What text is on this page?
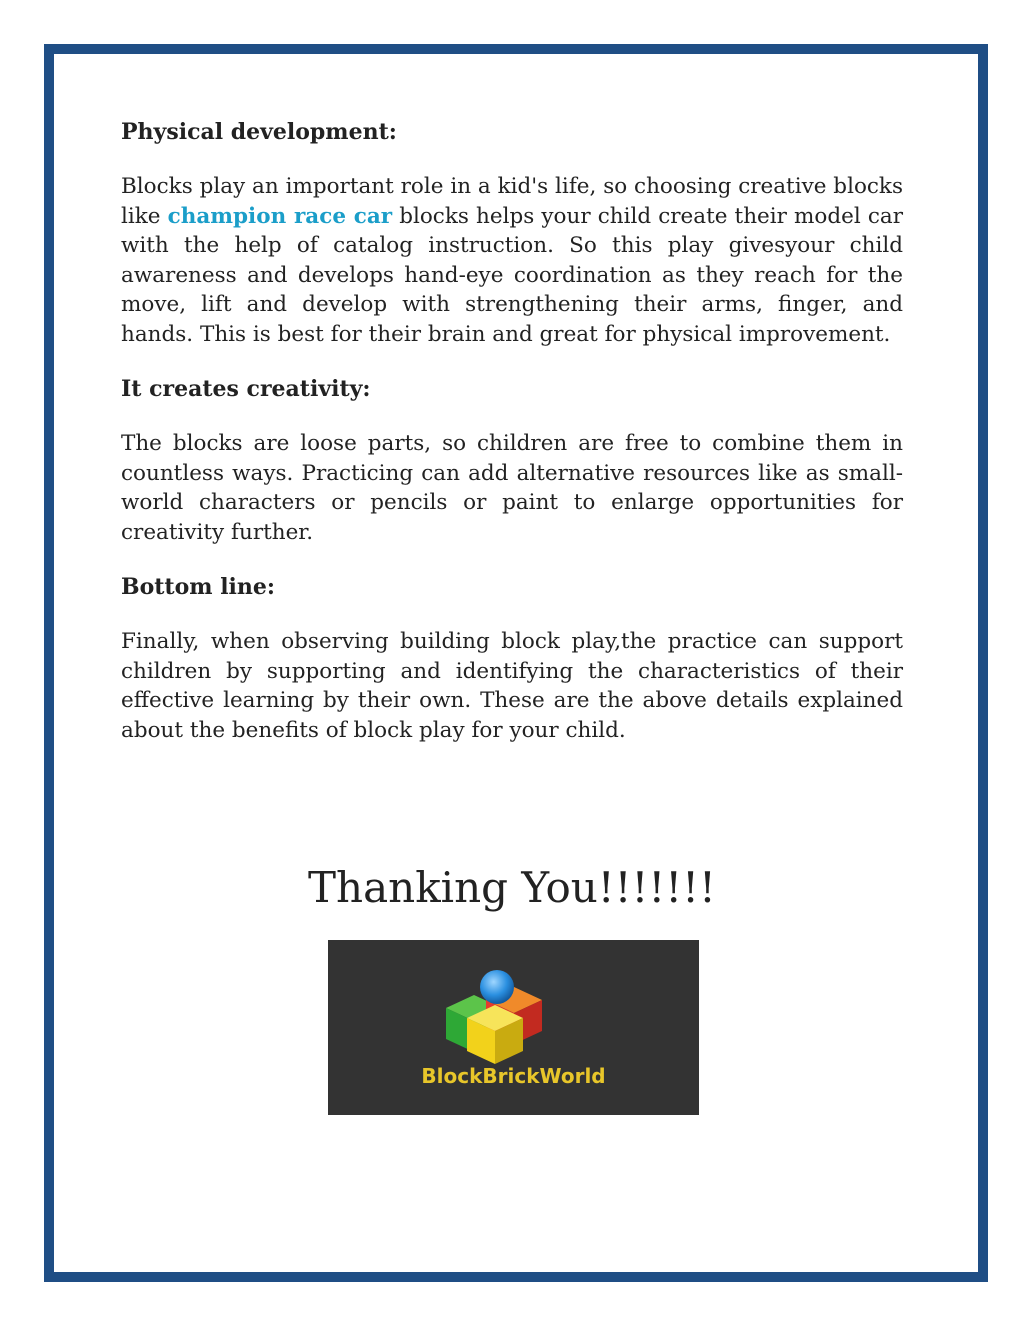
Physical development:

Blocks play an important role in a kid's life, so choosing creative blocks like champion race car blocks helps your child create their model car with the help of catalog instruction. So this play givesyour child awareness and develops hand-eye coordination as they reach for the move, lift and develop with strengthening their arms, finger, and hands. This is best for their brain and great for physical improvement.

It creates creativity:

The blocks are loose parts, so children are free to combine them in countless ways. Practicing can add alternative resources like as small-world characters or pencils or paint to enlarge opportunities for creativity further.

Bottom line:

Finally, when observing building block play,the practice can support children by supporting and identifying the characteristics of their effective learning by their own. These are the above details explained about the benefits of block play for your child.

Thanking You!!!!!!!
BlockBrickWorld
